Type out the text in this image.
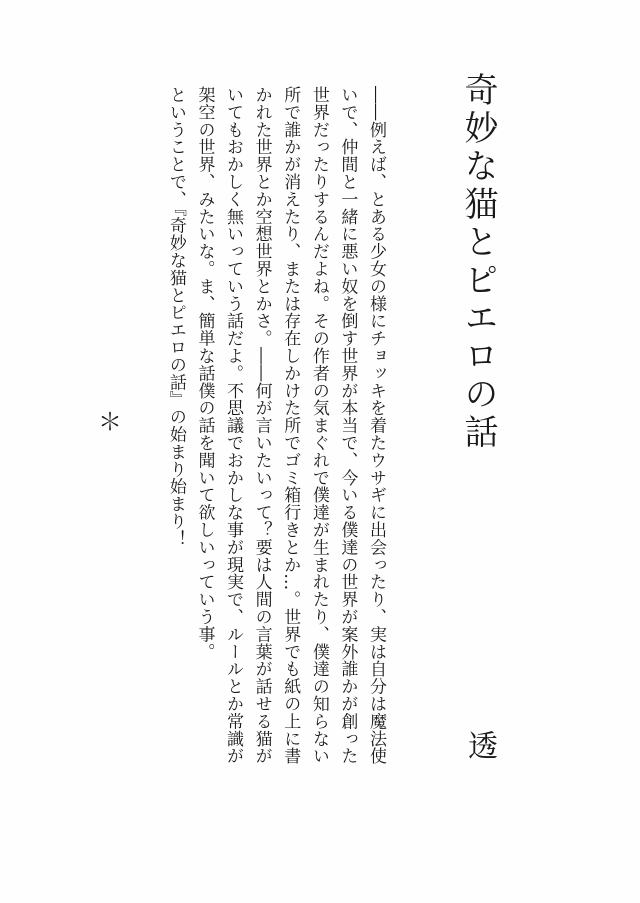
奇妙な猫とピエロの話
透

――例えば、とある少女の様にチョッキを着たウサギに出会ったり、実は自分は魔法使いで、仲間と一緒に悪い奴を倒す世界が本当で、今いる僕達の世界が案外誰かが創った世界だったりするんだよね。その作者の気まぐれで僕達が生まれたり、僕達の知らない所で誰かが消えたり、または存在しかけた所でゴミ箱行きとか…。世界でも紙の上に書かれた世界とか空想世界とかさ。――何が言いたいって？要は人間の言葉が話せる猫がいてもおかしく無いっていう話だよ。不思議でおかしな事が現実で、ルールとか常識が架空の世界、みたいな。ま、簡単な話僕の話を聞いて欲しいっていう事。

ということで、『奇妙な猫とピエロの話』の始まり始まり！

＊
